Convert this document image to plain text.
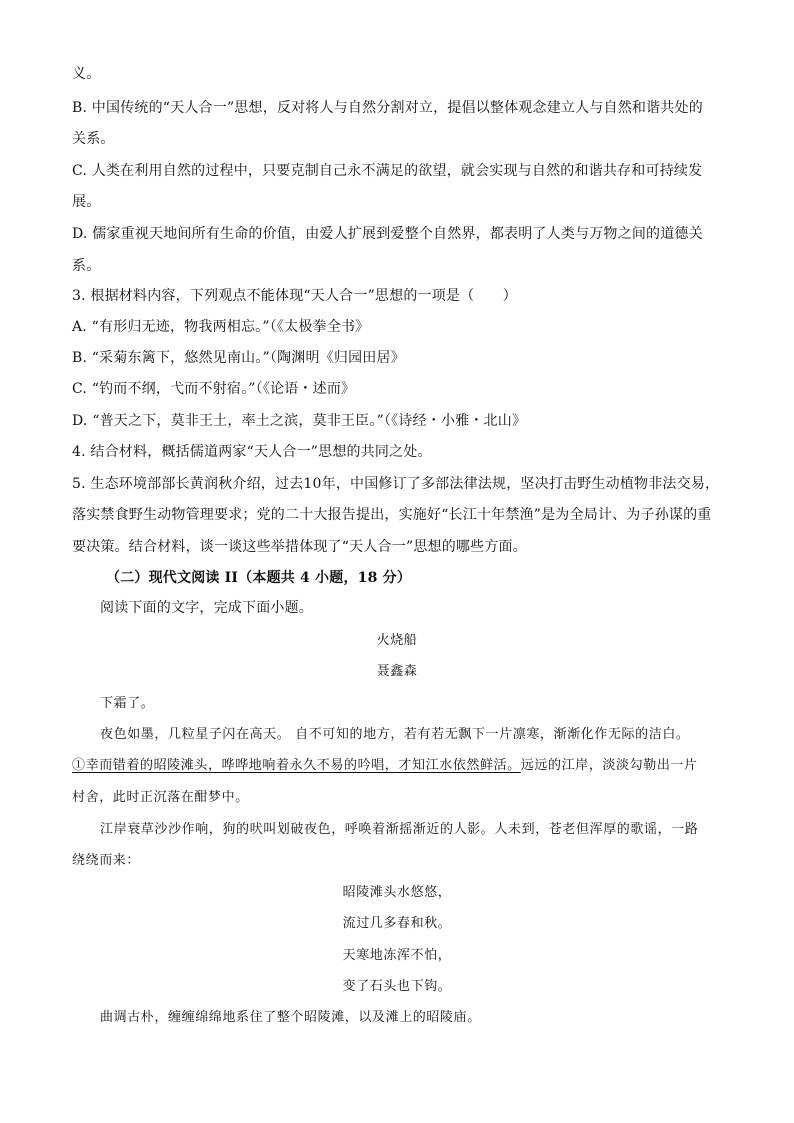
义。
B. 中国传统的“天人合一”思想，反对将人与自然分割对立，提倡以整体观念建立人与自然和谐共处的
关系。
C. 人类在利用自然的过程中，只要克制自己永不满足的欲望，就会实现与自然的和谐共存和可持续发
展。
D. 儒家重视天地间所有生命的价值，由爱人扩展到爱整个自然界，都表明了人类与万物之间的道德关
系。
3. 根据材料内容，下列观点不能体现“天人合一”思想的一项是（　　）
A. “有形归无迹，物我两相忘。”（《太极拳全书》
B. “采菊东篱下，悠然见南山。”（陶渊明《归园田居》
C. “钓而不纲，弋而不射宿。”（《论语・述而》
D. “普天之下，莫非王土，率土之滨，莫非王臣。”（《诗经・小雅・北山》
4. 结合材料，概括儒道两家“天人合一”思想的共同之处。
5. 生态环境部部长黄润秋介绍，过去10年，中国修订了多部法律法规，坚决打击野生动植物非法交易，
落实禁食野生动物管理要求；党的二十大报告提出，实施好“长江十年禁渔”是为全局计、为子孙谋的重
要决策。结合材料，谈一谈这些举措体现了“天人合一”思想的哪些方面。
（二）现代文阅读 II（本题共 4 小题，18 分）
阅读下面的文字，完成下面小题。
火烧船
聂鑫森
下霜了。
夜色如墨，几粒星子闪在高天。 自不可知的地方，若有若无飘下一片凛寒，渐渐化作无际的洁白。
①幸而错着的昭陵滩头，哗哗地响着永久不易的吟唱，才知江水依然鲜活。远远的江岸，淡淡勾勒出一片
村舍，此时正沉落在酣梦中。
江岸衰草沙沙作响，狗的吠叫划破夜色，呼唤着渐摇渐近的人影。人未到，苍老但浑厚的歌谣，一路
绕绕而来：
昭陵滩头水悠悠，
流过几多春和秋。
天寒地冻浑不怕，
变了石头也下钩。
曲调古朴，缠缠绵绵地系住了整个昭陵滩，以及滩上的昭陵庙。
